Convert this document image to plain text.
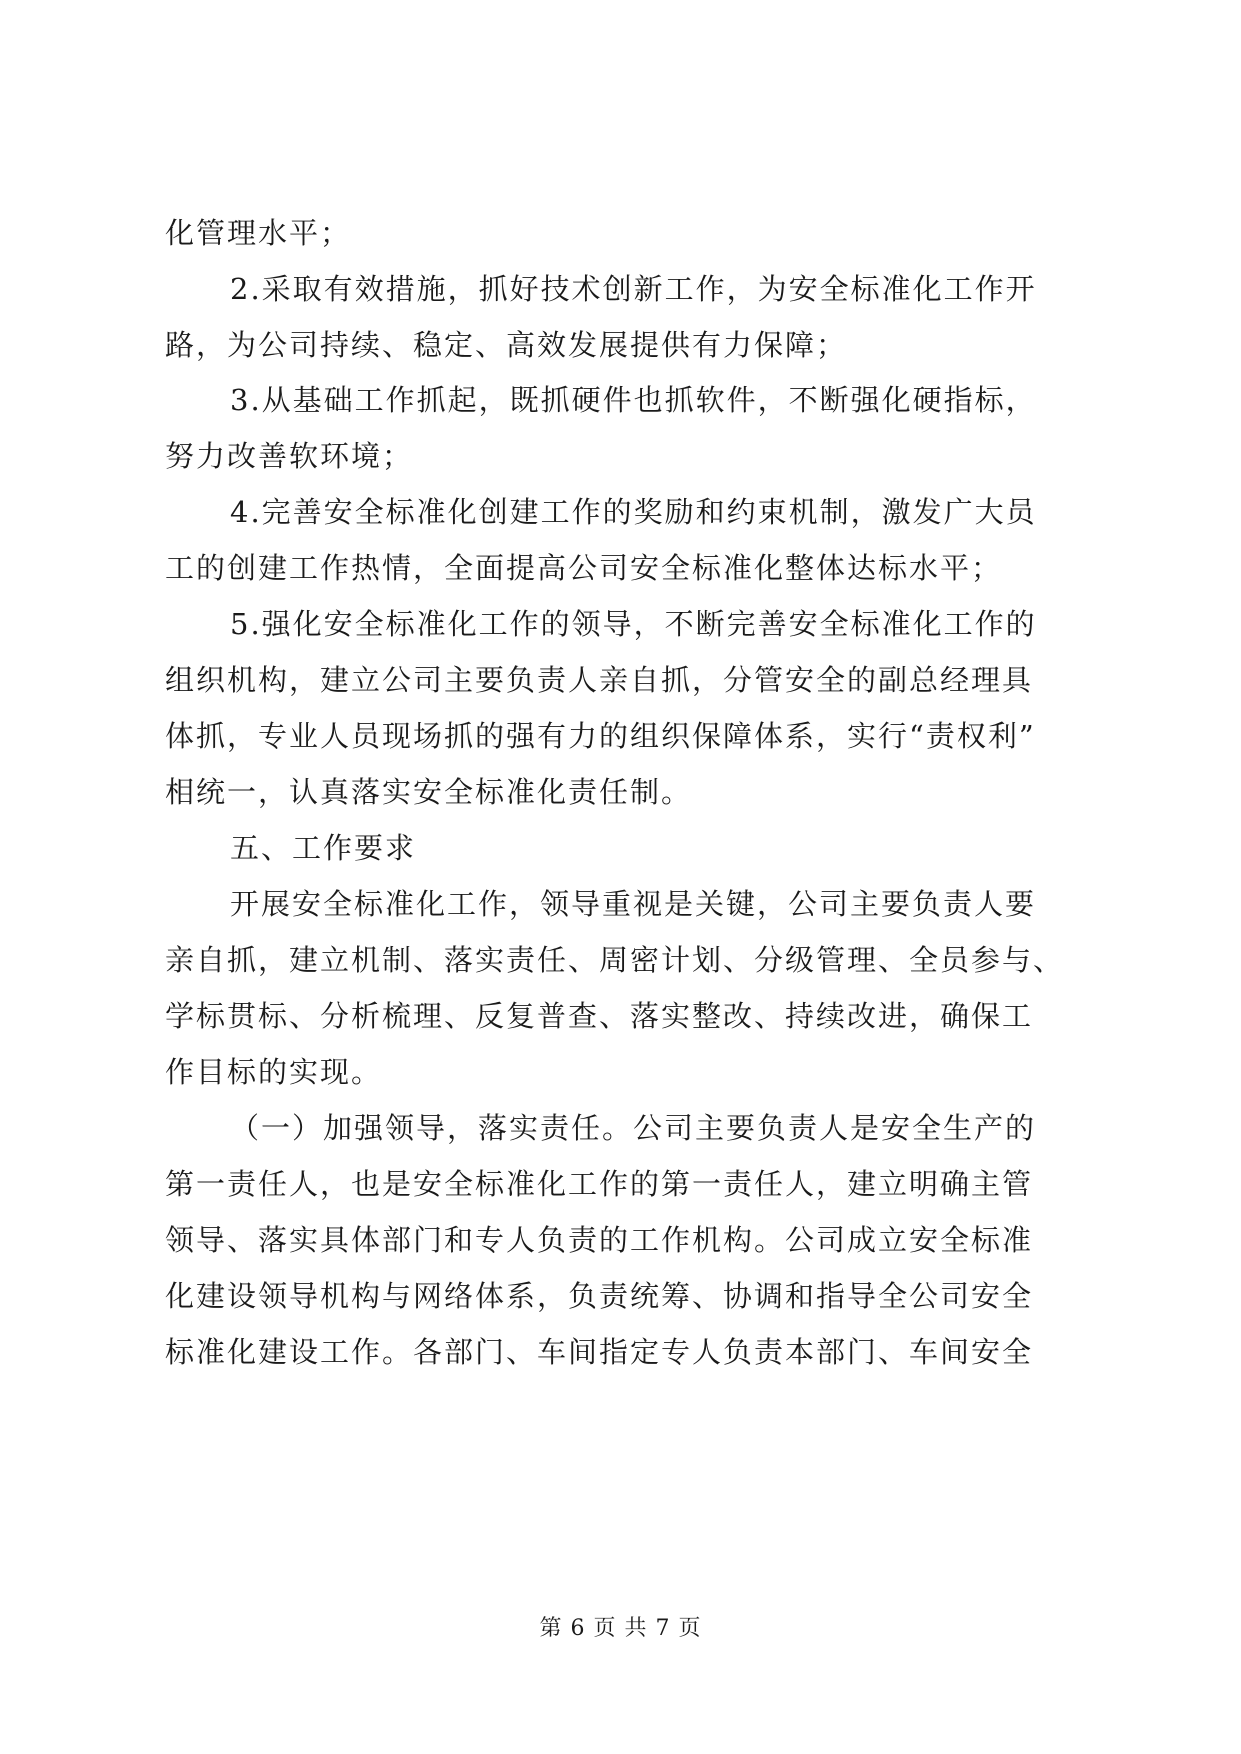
化管理水平；
2.采取有效措施，抓好技术创新工作，为安全标准化工作开
路，为公司持续、稳定、高效发展提供有力保障；
3.从基础工作抓起，既抓硬件也抓软件，不断强化硬指标，
努力改善软环境；
4.完善安全标准化创建工作的奖励和约束机制，激发广大员
工的创建工作热情，全面提高公司安全标准化整体达标水平；
5.强化安全标准化工作的领导，不断完善安全标准化工作的
组织机构，建立公司主要负责人亲自抓，分管安全的副总经理具
体抓，专业人员现场抓的强有力的组织保障体系，实行“责权利”
相统一，认真落实安全标准化责任制。
五、工作要求
开展安全标准化工作，领导重视是关键，公司主要负责人要
亲自抓，建立机制、落实责任、周密计划、分级管理、全员参与、
学标贯标、分析梳理、反复普查、落实整改、持续改进，确保工
作目标的实现。
（一）加强领导，落实责任。公司主要负责人是安全生产的
第一责任人，也是安全标准化工作的第一责任人，建立明确主管
领导、落实具体部门和专人负责的工作机构。公司成立安全标准
化建设领导机构与网络体系，负责统筹、协调和指导全公司安全
标准化建设工作。各部门、车间指定专人负责本部门、车间安全
第 6 页 共 7 页
